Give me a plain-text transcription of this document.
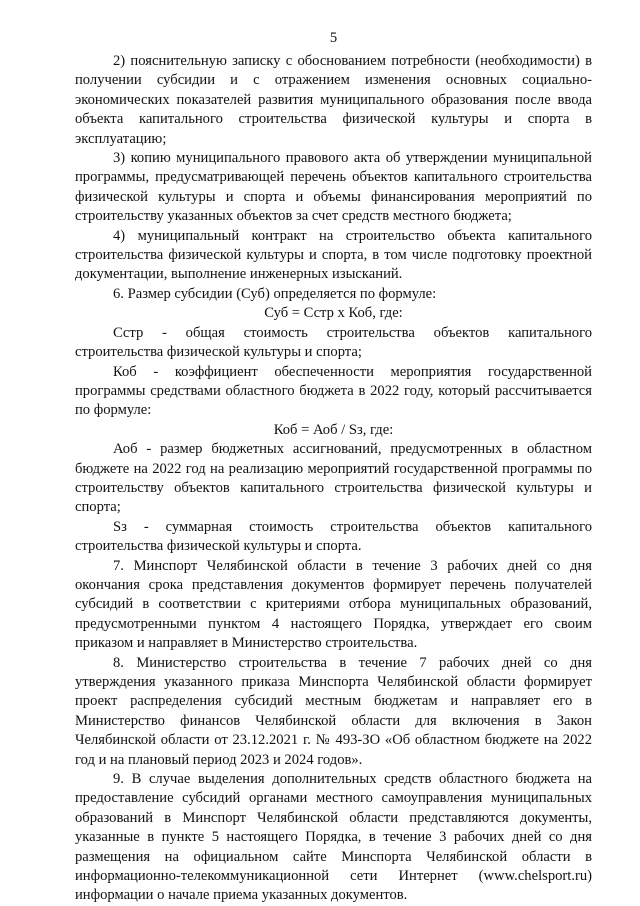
5

2) пояснительную записку с обоснованием потребности (необходимости) в получении субсидии и с отражением изменения основных социально-экономических показателей развития муниципального образования после ввода объекта капитального строительства физической культуры и спорта в эксплуатацию;

3) копию муниципального правового акта об утверждении муниципальной программы, предусматривающей перечень объектов капитального строительства физической культуры и спорта и объемы финансирования мероприятий по строительству указанных объектов за счет средств местного бюджета;

4) муниципальный контракт на строительство объекта капитального строительства физической культуры и спорта, в том числе подготовку проектной документации, выполнение инженерных изысканий.

6. Размер субсидии (Суб) определяется по формуле:

Суб = Сстр х Коб, где:

Сстр - общая стоимость строительства объектов капитального строительства физической культуры и спорта;

Коб - коэффициент обеспеченности мероприятия государственной программы средствами областного бюджета в 2022 году, который рассчитывается по формуле:

Коб = Аоб / Sз, где:

Аоб - размер бюджетных ассигнований, предусмотренных в областном бюджете на 2022 год на реализацию мероприятий государственной программы по строительству объектов капитального строительства физической культуры и спорта;

Sз - суммарная стоимость строительства объектов капитального строительства физической культуры и спорта.

7. Минспорт Челябинской области в течение 3 рабочих дней со дня окончания срока представления документов формирует перечень получателей субсидий в соответствии с критериями отбора муниципальных образований, предусмотренными пунктом 4 настоящего Порядка, утверждает его своим приказом и направляет в Министерство строительства.

8. Министерство строительства в течение 7 рабочих дней со дня утверждения указанного приказа Минспорта Челябинской области формирует проект распределения субсидий местным бюджетам и направляет его в Министерство финансов Челябинской области для включения в Закон Челябинской области от 23.12.2021 г. № 493-ЗО «Об областном бюджете на 2022 год и на плановый период 2023 и 2024 годов».

9. В случае выделения дополнительных средств областного бюджета на предоставление субсидий органами местного самоуправления муниципальных образований в Минспорт Челябинской области представляются документы, указанные в пункте 5 настоящего Порядка, в течение 3 рабочих дней со дня размещения на официальном сайте Минспорта Челябинской области в информационно-телекоммуникационной сети Интернет (www.chelsport.ru) информации о начале приема указанных документов.
